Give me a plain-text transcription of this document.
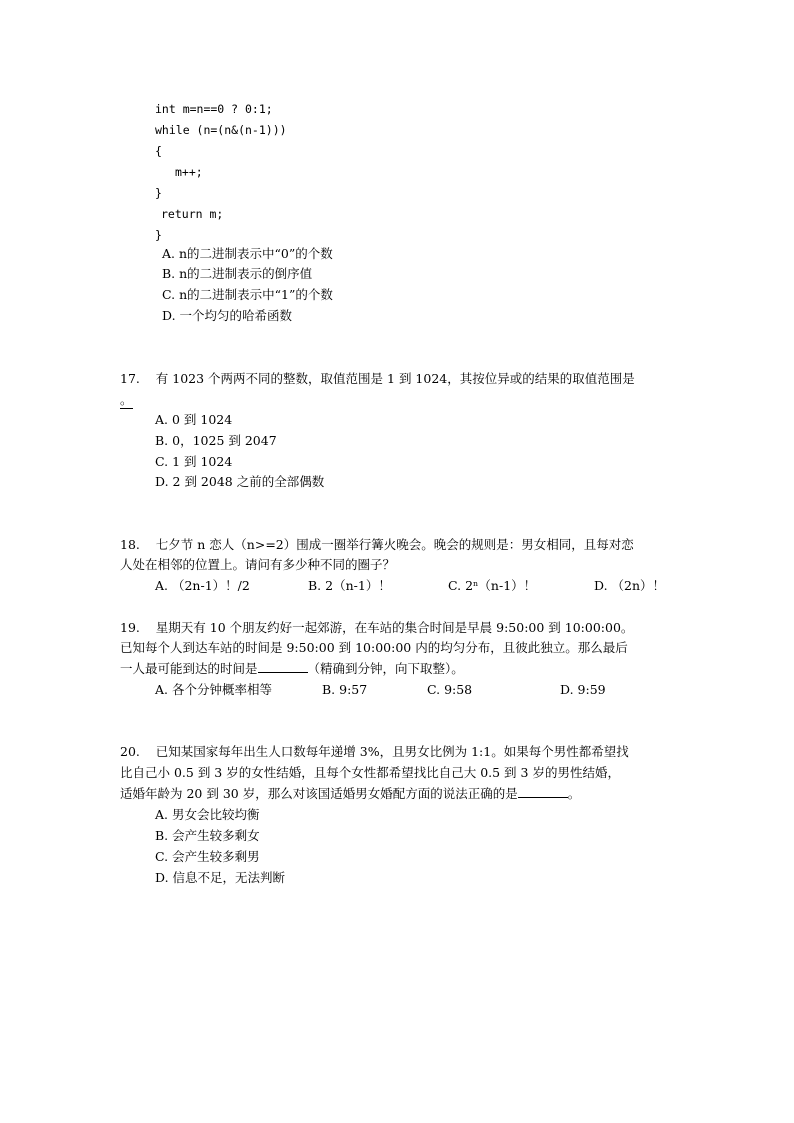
int m=n==0 ? 0:1;
while (n=(n&(n-1)))
{
m++;
}
return m;
}
A. n的二进制表示中“0”的个数
B. n的二进制表示的倒序值
C. n的二进制表示中“1”的个数
D. 一个均匀的哈希函数
17. 有 1023 个两两不同的整数，取值范围是 1 到 1024，其按位异或的结果的取值范围是
。
A. 0 到 1024
B. 0，1025 到 2047
C. 1 到 1024
D. 2 到 2048 之前的全部偶数
18. 七夕节 n 恋人（n>=2）围成一圈举行篝火晚会。晚会的规则是：男女相同，且每对恋
人处在相邻的位置上。请问有多少种不同的圈子？
A. （2n-1）！/2	B. 2（n-1）！	C. 2ⁿ（n-1）！	D. （2n）！
19. 星期天有 10 个朋友约好一起郊游，在车站的集合时间是早晨 9:50:00 到 10:00:00。
已知每个人到达车站的时间是 9:50:00 到 10:00:00 内的均匀分布，且彼此独立。那么最后
一人最可能到达的时间是	（精确到分钟，向下取整）。
A. 各个分钟概率相等	B. 9:57	C. 9:58	D. 9:59
20. 已知某国家每年出生人口数每年递增 3%，且男女比例为 1:1。如果每个男性都希望找
比自己小 0.5 到 3 岁的女性结婚，且每个女性都希望找比自己大 0.5 到 3 岁的男性结婚，
适婚年龄为 20 到 30 岁，那么对该国适婚男女婚配方面的说法正确的是	。
A. 男女会比较均衡
B. 会产生较多剩女
C. 会产生较多剩男
D. 信息不足，无法判断
